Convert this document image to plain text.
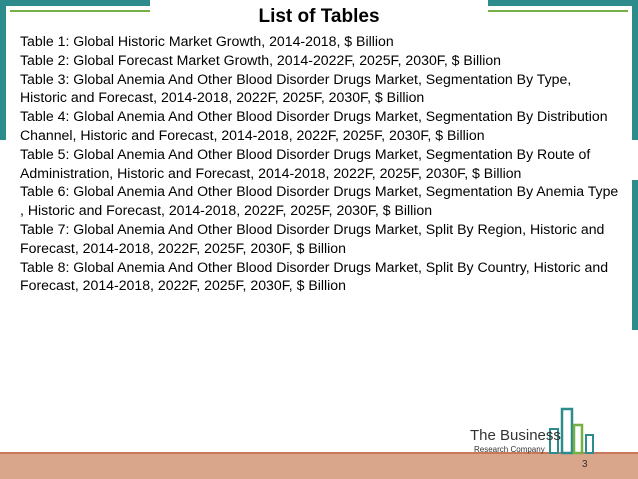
List of Tables
Table 1: Global Historic Market Growth, 2014-2018, $ Billion
Table 2: Global Forecast Market Growth, 2014-2022F, 2025F, 2030F, $ Billion
Table 3: Global Anemia And Other Blood Disorder Drugs Market, Segmentation By Type, Historic and Forecast, 2014-2018, 2022F, 2025F, 2030F, $ Billion
Table 4: Global Anemia And Other Blood Disorder Drugs Market, Segmentation By Distribution Channel, Historic and Forecast, 2014-2018, 2022F, 2025F, 2030F, $ Billion
Table 5: Global Anemia And Other Blood Disorder Drugs Market, Segmentation By Route of Administration, Historic and Forecast, 2014-2018, 2022F, 2025F, 2030F, $ Billion
Table 6: Global Anemia And Other Blood Disorder Drugs Market, Segmentation By Anemia Type , Historic and Forecast, 2014-2018, 2022F, 2025F, 2030F, $ Billion
Table 7: Global Anemia And Other Blood Disorder Drugs Market, Split By Region, Historic and Forecast, 2014-2018, 2022F, 2025F, 2030F, $ Billion
Table 8: Global Anemia And Other Blood Disorder Drugs Market, Split By Country, Historic and Forecast, 2014-2018, 2022F, 2025F, 2030F, $ Billion
The Business
Research Company
3
